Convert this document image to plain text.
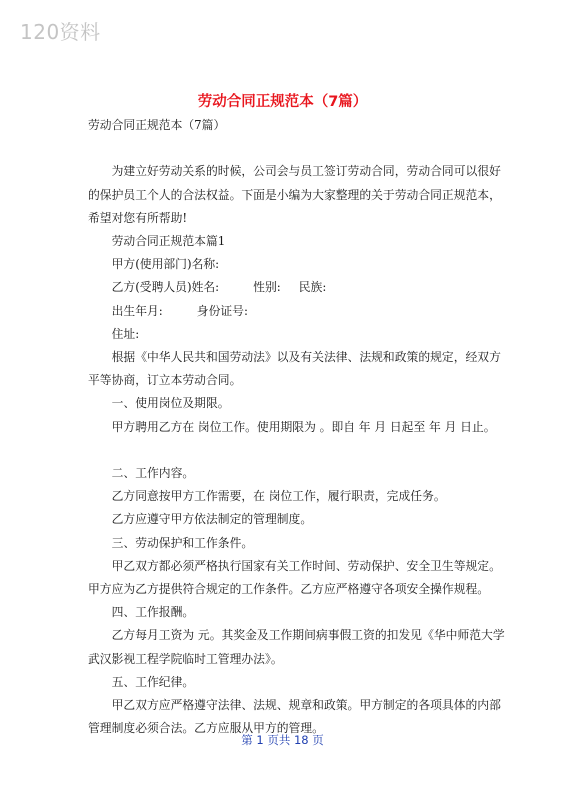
120资料
劳动合同正规范本（7篇）

劳动合同正规范本（7篇）

为建立好劳动关系的时候，公司会与员工签订劳动合同，劳动合同可以很好

的保护员工个人的合法权益。下面是小编为大家整理的关于劳动合同正规范本，

希望对您有所帮助!

劳动合同正规范本篇1

甲方(使用部门)名称:

乙方(受聘人员)姓名:	性别: 民族:

出生年月:	身份证号:

住址:

根据《中华人民共和国劳动法》以及有关法律、法规和政策的规定，经双方

平等协商，订立本劳动合同。

一、使用岗位及期限。

甲方聘用乙方在 岗位工作。使用期限为 。即自 年 月 日起至 年 月 日止。

二、工作内容。

乙方同意按甲方工作需要，在 岗位工作，履行职责，完成任务。

乙方应遵守甲方依法制定的管理制度。

三、劳动保护和工作条件。

甲乙双方都必须严格执行国家有关工作时间、劳动保护、安全卫生等规定。

甲方应为乙方提供符合规定的工作条件。乙方应严格遵守各项安全操作规程。

四、工作报酬。

乙方每月工资为 元。其奖金及工作期间病事假工资的扣发见《华中师范大学

武汉影视工程学院临时工管理办法》。

五、工作纪律。

甲乙双方应严格遵守法律、法规、规章和政策。甲方制定的各项具体的内部

管理制度必须合法。乙方应服从甲方的管理。

第 1 页共 18 页
